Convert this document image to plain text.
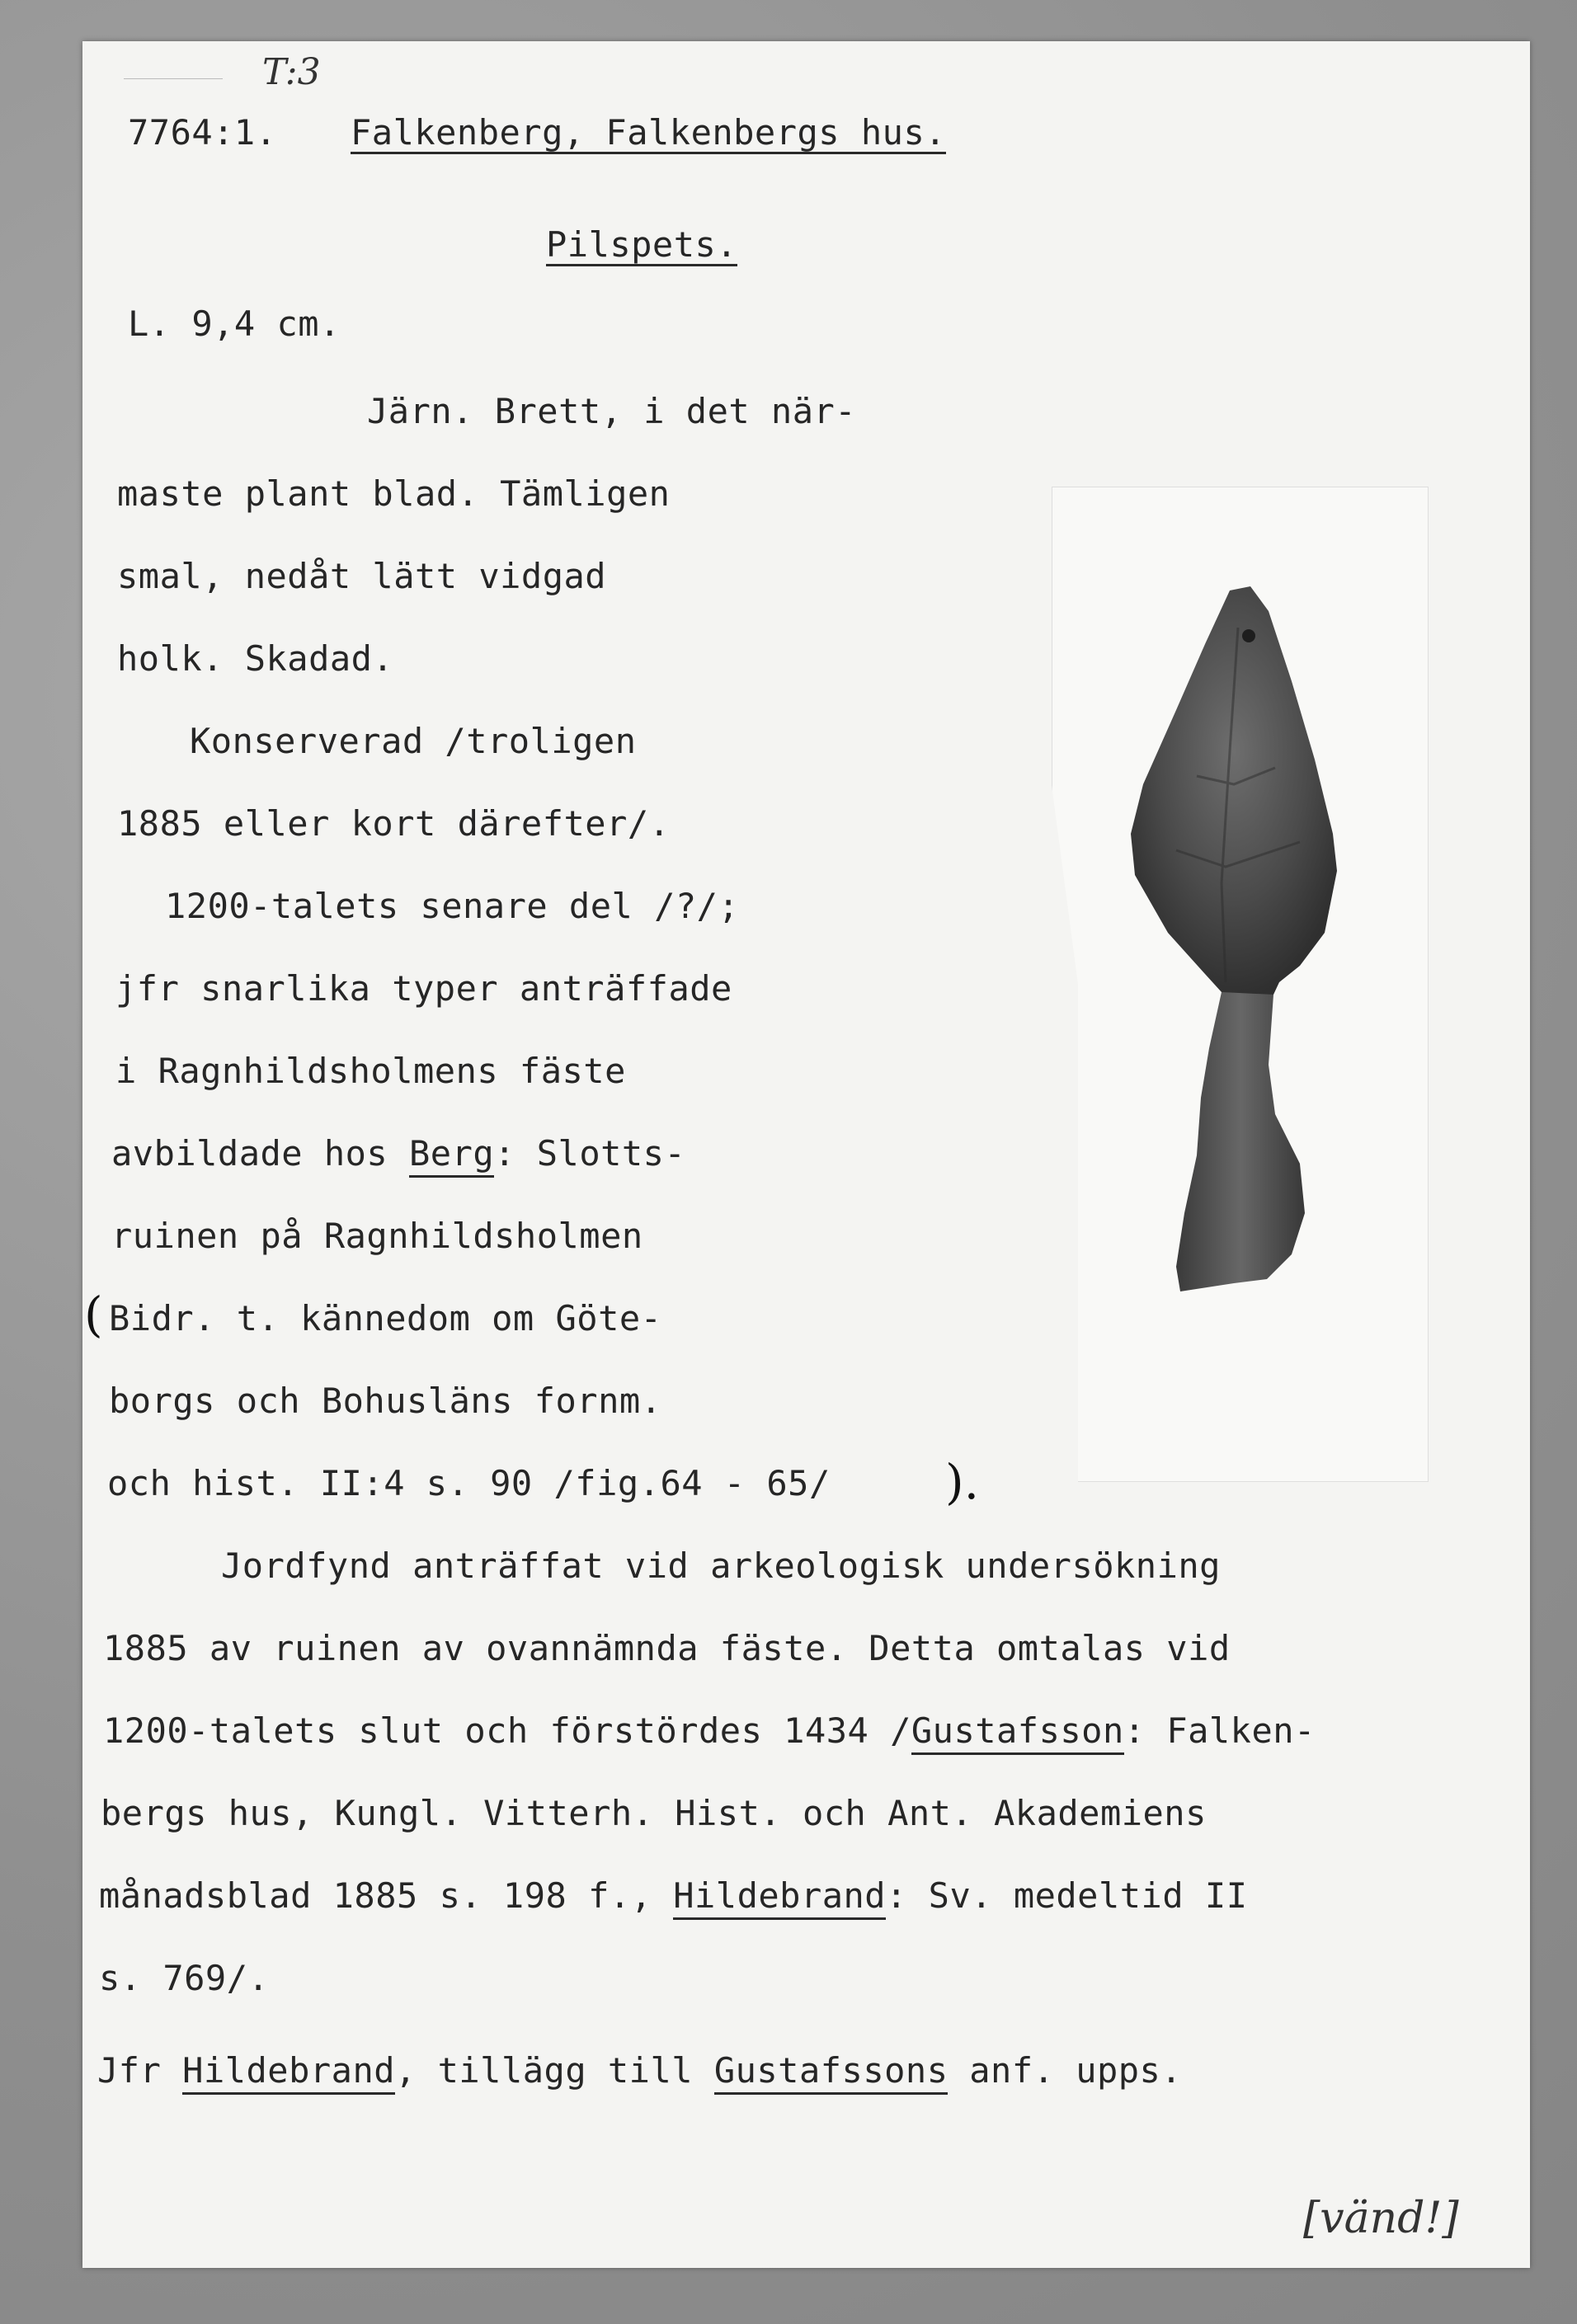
T:3
7764:1. Falkenberg, Falkenbergs hus.
Pilspets.
L. 9,4 cm.
Järn. Brett, i det när-
maste plant blad. Tämligen
smal, nedåt lätt vidgad
holk. Skadad.
Konserverad /troligen
1885 eller kort därefter/.
1200-talets senare del /?/;
jfr snarlika typer anträffade
i Ragnhildsholmens fäste
avbildade hos Berg: Slotts-
ruinen på Ragnhildsholmen
( Bidr. t. kännedom om Göte-
borgs och Bohusläns fornm.
och hist. II:4 s. 90 /fig.64 - 65/ ).
Jordfynd anträffat vid arkeologisk undersökning
1885 av ruinen av ovannämnda fäste. Detta omtalas vid
1200-talets slut och förstördes 1434 /Gustafsson: Falken-
bergs hus, Kungl. Vitterh. Hist. och Ant. Akademiens
månadsblad 1885 s. 198 f., Hildebrand: Sv. medeltid II
s. 769/.
Jfr Hildebrand, tillägg till Gustafssons anf. upps.
[vänd!]
